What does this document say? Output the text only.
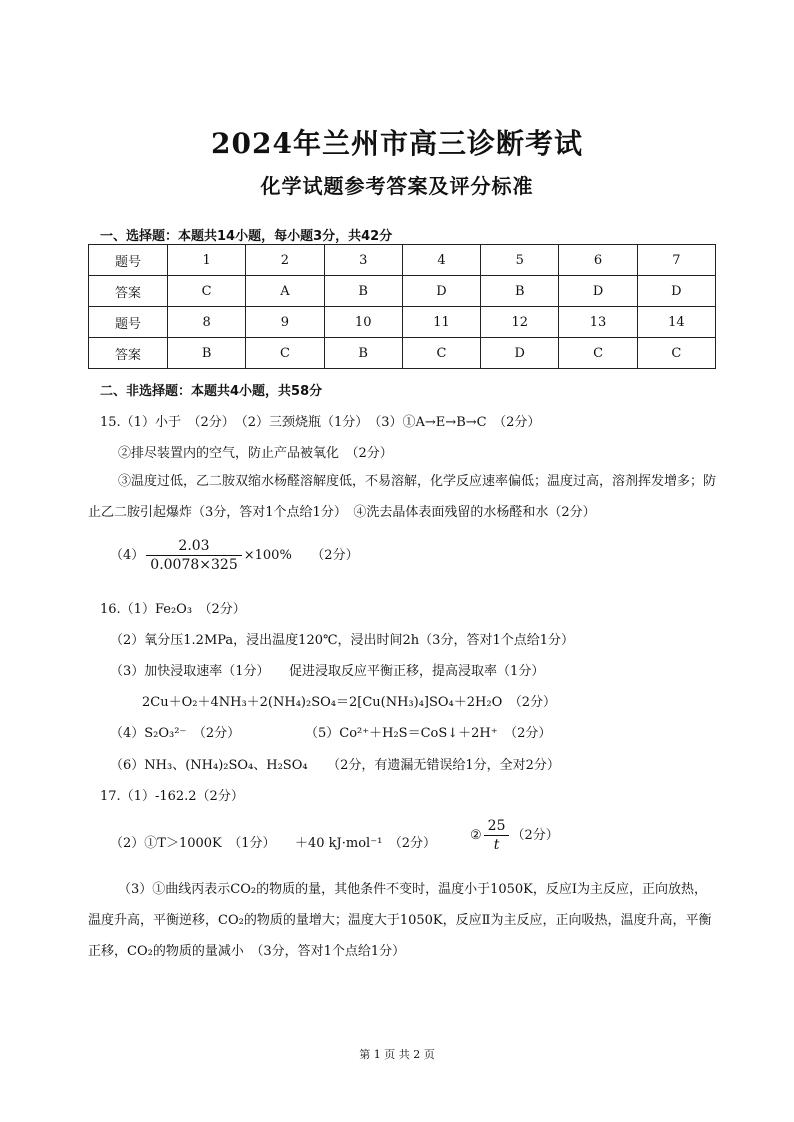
2024年兰州市高三诊断考试
化学试题参考答案及评分标准
一、选择题：本题共14小题，每小题3分，共42分
题号	1	2	3	4	5	6	7
答案	C	A	B	D	B	D	D
题号	8	9	10	11	12	13	14
答案	B	C	B	C	D	C	C
二、非选择题：本题共4小题，共58分
15.（1）小于　（2分）　（2）三颈烧瓶（1分）　（3）①A→E→B→C　（2分）
②排尽装置内的空气，防止产品被氧化　（2分）
③温度过低，乙二胺双缩水杨醛溶解度低，不易溶解，化学反应速率偏低；温度过高，溶剂挥发增多；防止乙二胺引起爆炸（3分，答对1个点给1分）　④洗去晶体表面残留的水杨醛和水（2分）
$(4) \frac{2.03}{0.0078\times 325} \times 100\%$　　（2分）
16.（1）Fe₂O₃　（2分）
（2）氧分压1.2MPa，浸出温度120℃，浸出时间2h（3分，答对1个点给1分）
（3）加快浸取速率（1分）　　促进浸取反应平衡正移，提高浸取率（1分）
2Cu＋O₂＋4NH₃＋2(NH₄)₂SO₄＝2[Cu(NH₃)₄]SO₄＋2H₂O　（2分）
（4）S₂O₃²⁻　（2分）	（5）Co²⁺＋H₂S＝CoS↓＋2H⁺　（2分）
（6）NH₃、(NH₄)₂SO₄、H₂SO₄　　（2分，有遗漏无错误给1分，全对2分）
17.（1）-162.2（2分）
（2）①T＞1000K　（1分）　　＋40 kJ·mol⁻¹　（2分）
② $\frac{25}{t} (2$分）
（3）①曲线丙表示CO₂的物质的量，其他条件不变时，温度小于1050K，反应Ⅰ为主反应，正向放热，温度升高，平衡逆移，CO₂的物质的量增大；温度大于1050K，反应Ⅱ为主反应，正向吸热，温度升高，平衡正移，CO₂的物质的量减小　（3分，答对1个点给1分）
第 1 页 共 2 页
